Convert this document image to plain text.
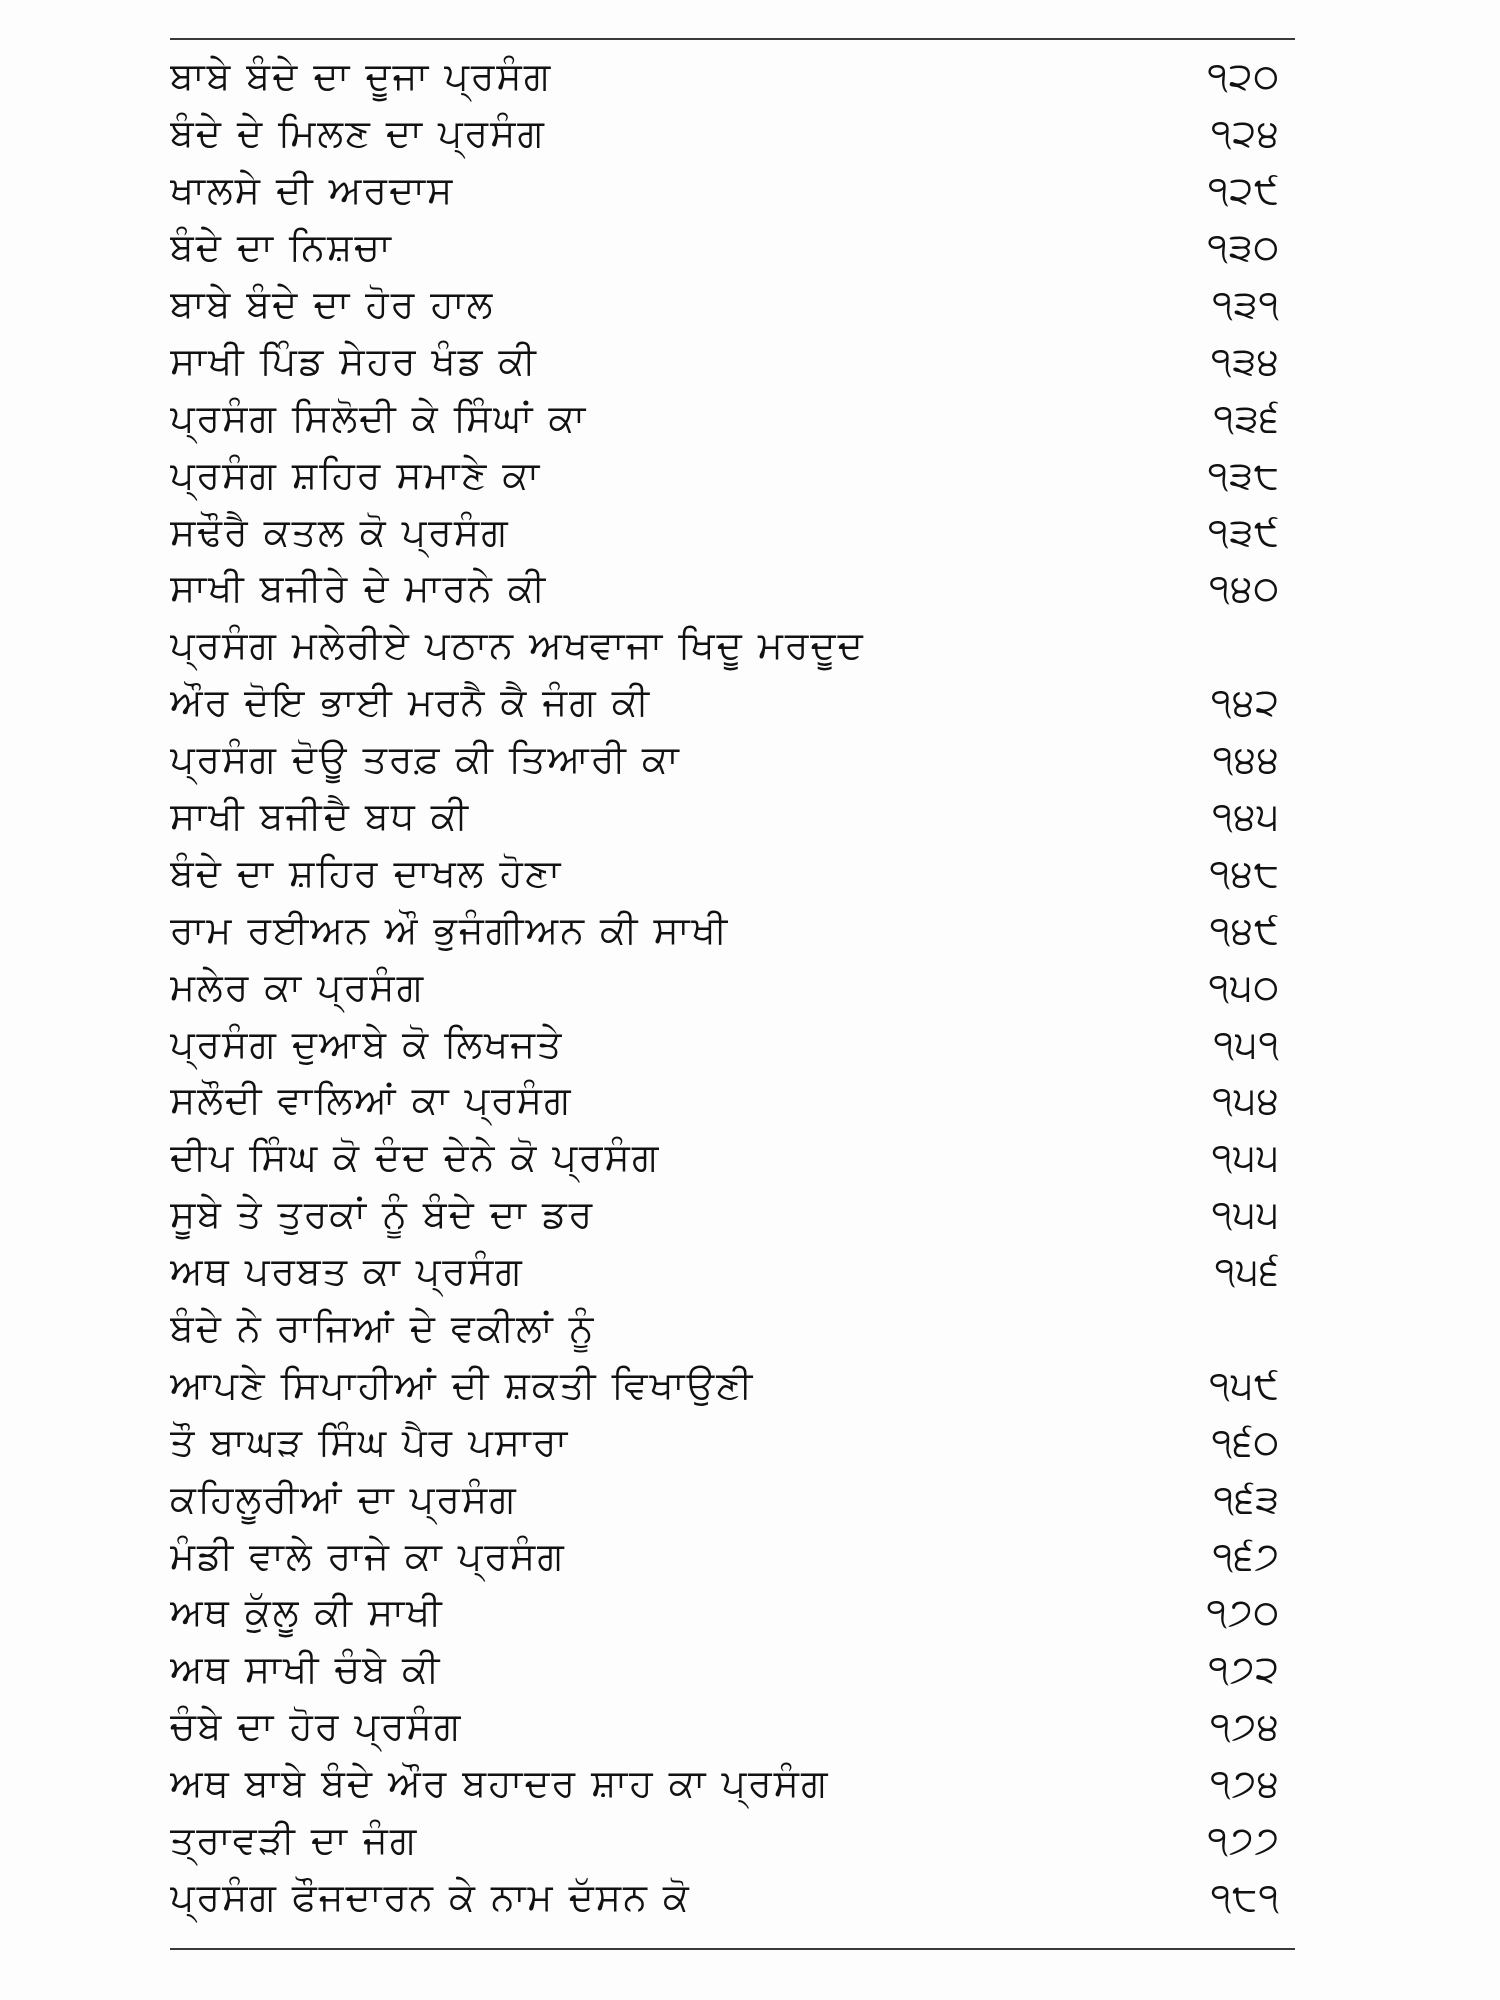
ਬਾਬੇ ਬੰਦੇ ਦਾ ਦੂਜਾ ਪ੍ਰਸੰਗ	੧੨੦
ਬੰਦੇ ਦੇ ਮਿਲਣ ਦਾ ਪ੍ਰਸੰਗ	੧੨੪
ਖਾਲਸੇ ਦੀ ਅਰਦਾਸ	੧੨੯
ਬੰਦੇ ਦਾ ਨਿਸ਼ਚਾ	੧੩੦
ਬਾਬੇ ਬੰਦੇ ਦਾ ਹੋਰ ਹਾਲ	੧੩੧
ਸਾਖੀ ਪਿੰਡ ਸੇਹਰ ਖੰਡ ਕੀ	੧੩੪
ਪ੍ਰਸੰਗ ਸਿਲੋਦੀ ਕੇ ਸਿੰਘਾਂ ਕਾ	੧੩੬
ਪ੍ਰਸੰਗ ਸ਼ਹਿਰ ਸਮਾਣੇ ਕਾ	੧੩੮
ਸਢੌਰੈ ਕਤਲ ਕੋ ਪ੍ਰਸੰਗ	੧੩੯
ਸਾਖੀ ਬਜੀਰੇ ਦੇ ਮਾਰਨੇ ਕੀ	੧੪੦
ਪ੍ਰਸੰਗ ਮਲੇਰੀਏ ਪਠਾਨ ਅਖਵਾਜਾ ਖਿਦੂ ਮਰਦੂਦ
ਔਰ ਦੋਇ ਭਾਈ ਮਰਨੈ ਕੈ ਜੰਗ ਕੀ	੧੪੨
ਪ੍ਰਸੰਗ ਦੋਊ ਤਰਫ਼ ਕੀ ਤਿਆਰੀ ਕਾ	੧੪੪
ਸਾਖੀ ਬਜੀਦੈ ਬਧ ਕੀ	੧੪੫
ਬੰਦੇ ਦਾ ਸ਼ਹਿਰ ਦਾਖਲ ਹੋਣਾ	੧੪੮
ਰਾਮ ਰਈਅਨ ਔ ਭੁਜੰਗੀਅਨ ਕੀ ਸਾਖੀ	੧੪੯
ਮਲੇਰ ਕਾ ਪ੍ਰਸੰਗ	੧੫੦
ਪ੍ਰਸੰਗ ਦੁਆਬੇ ਕੋ ਲਿਖਜਤੇ	੧੫੧
ਸਲੌਦੀ ਵਾਲਿਆਂ ਕਾ ਪ੍ਰਸੰਗ	੧੫੪
ਦੀਪ ਸਿੰਘ ਕੋ ਦੰਦ ਦੇਨੇ ਕੋ ਪ੍ਰਸੰਗ	੧੫੫
ਸੂਬੇ ਤੇ ਤੁਰਕਾਂ ਨੂੰ ਬੰਦੇ ਦਾ ਡਰ	੧੫੫
ਅਥ ਪਰਬਤ ਕਾ ਪ੍ਰਸੰਗ	੧੫੬
ਬੰਦੇ ਨੇ ਰਾਜਿਆਂ ਦੇ ਵਕੀਲਾਂ ਨੂੰ
ਆਪਣੇ ਸਿਪਾਹੀਆਂ ਦੀ ਸ਼ਕਤੀ ਵਿਖਾਉਣੀ	੧੫੯
ਤੌ ਬਾਘੜ ਸਿੰਘ ਪੈਰ ਪਸਾਰਾ	੧੬੦
ਕਹਿਲੂਰੀਆਂ ਦਾ ਪ੍ਰਸੰਗ	੧੬੩
ਮੰਡੀ ਵਾਲੇ ਰਾਜੇ ਕਾ ਪ੍ਰਸੰਗ	੧੬੭
ਅਥ ਕੁੱਲੂ ਕੀ ਸਾਖੀ	੧੭੦
ਅਥ ਸਾਖੀ ਚੰਬੇ ਕੀ	੧੭੨
ਚੰਬੇ ਦਾ ਹੋਰ ਪ੍ਰਸੰਗ	੧੭੪
ਅਥ ਬਾਬੇ ਬੰਦੇ ਔਰ ਬਹਾਦਰ ਸ਼ਾਹ ਕਾ ਪ੍ਰਸੰਗ	੧੭੪
ਤ੍ਰਾਵੜੀ ਦਾ ਜੰਗ	੧੭੭
ਪ੍ਰਸੰਗ ਫੌਜਦਾਰਨ ਕੇ ਨਾਮ ਦੱਸਨ ਕੋ	੧੮੧
